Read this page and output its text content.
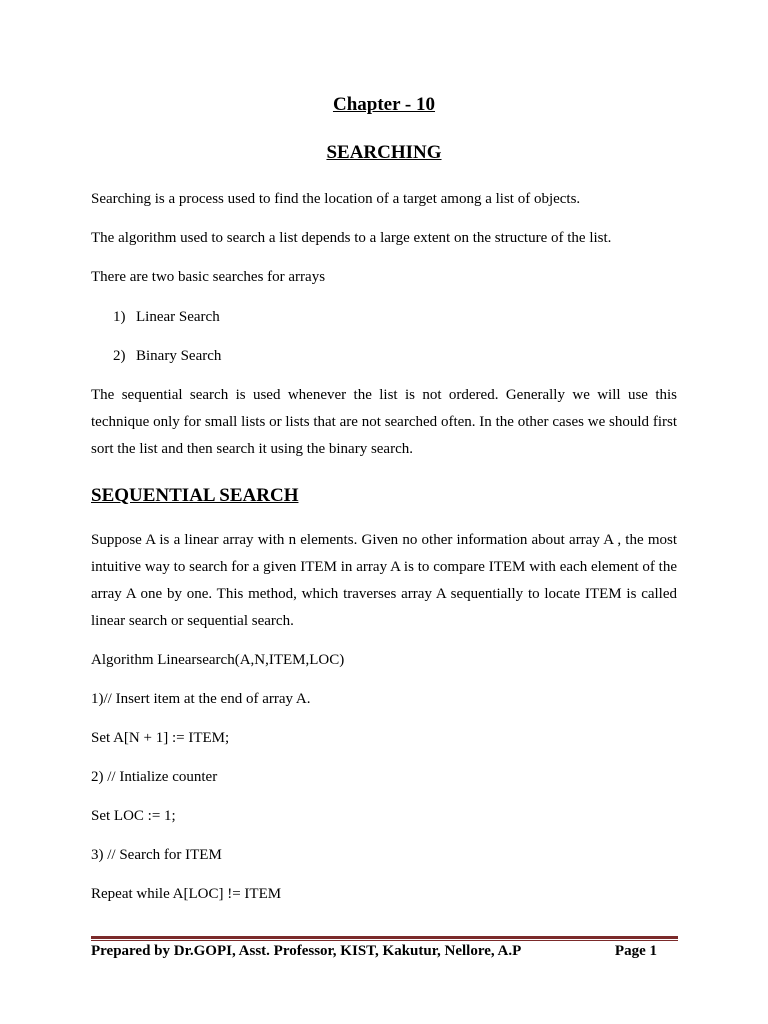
Chapter - 10
SEARCHING

Searching is a process used to find the location of a target among a list of objects.

The algorithm used to search a list depends to a large extent on the structure of the list.

There are two basic searches for arrays

1) Linear Search
2) Binary Search

The sequential search is used whenever the list is not ordered. Generally we will use this technique only for small lists or lists that are not searched often. In the other cases we should first sort the list and then search it using the binary search.

SEQUENTIAL SEARCH

Suppose A is a linear array with n elements. Given no other information about array A , the most intuitive way to search for a given ITEM in array A is to compare ITEM with each element of the array A one by one. This method, which traverses array A sequentially to locate ITEM is called linear search or sequential search.

Algorithm Linearsearch(A,N,ITEM,LOC)

1)// Insert item at the end of array A.

Set A[N + 1] := ITEM;

2) // Intialize counter

Set LOC := 1;

3) // Search for ITEM

Repeat while A[LOC] != ITEM

Prepared by Dr.GOPI, Asst. Professor, KIST, Kakutur, Nellore, A.P	Page 1
